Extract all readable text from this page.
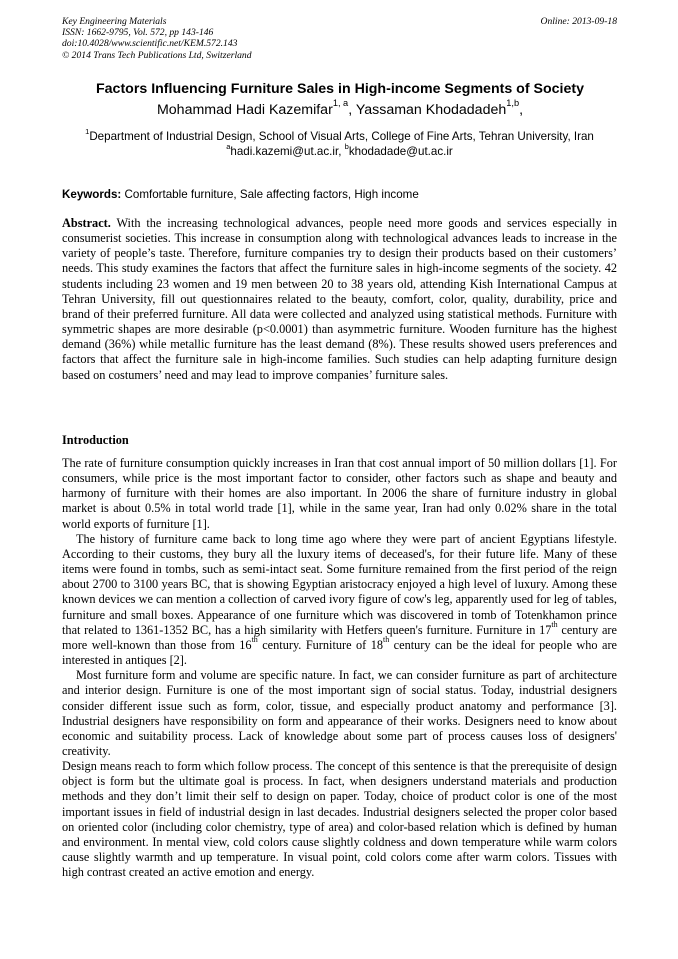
Key Engineering Materials
ISSN: 1662-9795, Vol. 572, pp 143-146
doi:10.4028/www.scientific.net/KEM.572.143
© 2014 Trans Tech Publications Ltd, Switzerland
Online: 2013-09-18
Factors Influencing Furniture Sales in High-income Segments of Society
Mohammad Hadi Kazemifar$^{1, a}$, Yassaman Khodadadeh$^{1,b}$,
$^1$Department of Industrial Design, School of Visual Arts, College of Fine Arts, Tehran University, Iran
$^a$hadi.kazemi@ut.ac.ir, $^b$khodadade@ut.ac.ir
Keywords: Comfortable furniture, Sale affecting factors, High income

Abstract. With the increasing technological advances, people need more goods and services especially in consumerist societies. This increase in consumption along with technological advances leads to increase in the variety of people’s taste. Therefore, furniture companies try to design their products based on their customers’ needs. This study examines the factors that affect the furniture sales in high-income segments of the society. 42 students including 23 women and 19 men between 20 to 38 years old, attending Kish International Campus at Tehran University, fill out questionnaires related to the beauty, comfort, color, quality, durability, price and brand of their preferred furniture. All data were collected and analyzed using statistical methods. Furniture with symmetric shapes are more desirable (p<0.0001) than asymmetric furniture. Wooden furniture has the highest demand (36%) while metallic furniture has the least demand (8%). These results showed users preferences and factors that affect the furniture sale in high-income families. Such studies can help adapting furniture design based on costumers’ need and may lead to improve companies’ furniture sales.

Introduction

The rate of furniture consumption quickly increases in Iran that cost annual import of 50 million dollars [1]. For consumers, while price is the most important factor to consider, other factors such as shape and beauty and harmony of furniture with their homes are also important. In 2006 the share of furniture industry in global market is about 0.5% in total world trade [1], while in the same year, Iran had only 0.02% share in the total world exports of furniture [1].

The history of furniture came back to long time ago where they were part of ancient Egyptians lifestyle. According to their customs, they bury all the luxury items of deceased's, for their future life. Many of these items were found in tombs, such as semi-intact seat. Some furniture remained from the first period of the reign about 2700 to 3100 years BC, that is showing Egyptian aristocracy enjoyed a high level of luxury. Among these known devices we can mention a collection of carved ivory figure of cow's leg, apparently used for leg of tables, furniture and small boxes. Appearance of one furniture which was discovered in tomb of Totenkhamon prince that related to 1361-1352 BC, has a high similarity with Hetfers queen's furniture. Furniture in 17th century are more well-known than those from 16th century. Furniture of 18th century can be the ideal for people who are interested in antiques [2].

Most furniture form and volume are specific nature. In fact, we can consider furniture as part of architecture and interior design. Furniture is one of the most important sign of social status. Today, industrial designers consider different issue such as form, color, tissue, and especially product anatomy and performance [3]. Industrial designers have responsibility on form and appearance of their works. Designers need to know about economic and suitability process. Lack of knowledge about some part of process causes loss of designers' creativity.

Design means reach to form which follow process. The concept of this sentence is that the prerequisite of design object is form but the ultimate goal is process. In fact, when designers understand materials and production methods and they don’t limit their self to design on paper. Today, choice of product color is one of the most important issues in field of industrial design in last decades. Industrial designers selected the proper color based on oriented color (including color chemistry, type of area) and color-based relation which is defined by human and environment. In mental view, cold colors cause slightly coldness and down temperature while warm colors cause slightly warmth and up temperature. In visual point, cold colors come after warm colors. Tissues with high contrast created an active emotion and energy.
